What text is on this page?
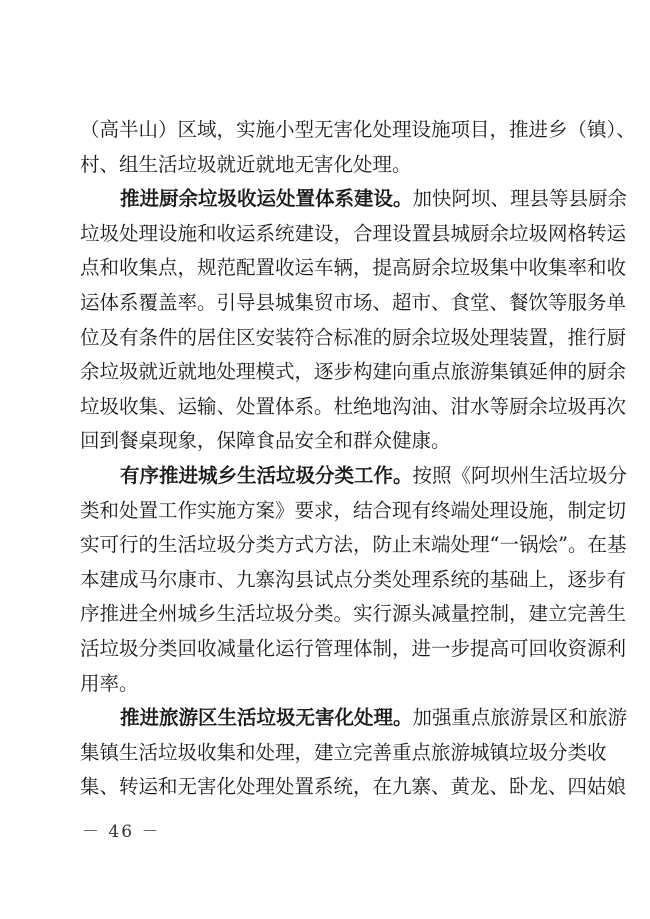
（高半山）区域，实施小型无害化处理设施项目，推进乡（镇）、
村、组生活垃圾就近就地无害化处理。
推进厨余垃圾收运处置体系建设。加快阿坝、理县等县厨余
垃圾处理设施和收运系统建设，合理设置县城厨余垃圾网格转运
点和收集点，规范配置收运车辆，提高厨余垃圾集中收集率和收
运体系覆盖率。引导县城集贸市场、超市、食堂、餐饮等服务单
位及有条件的居住区安装符合标准的厨余垃圾处理装置，推行厨
余垃圾就近就地处理模式，逐步构建向重点旅游集镇延伸的厨余
垃圾收集、运输、处置体系。杜绝地沟油、泔水等厨余垃圾再次
回到餐桌现象，保障食品安全和群众健康。
有序推进城乡生活垃圾分类工作。按照《阿坝州生活垃圾分
类和处置工作实施方案》要求，结合现有终端处理设施，制定切
实可行的生活垃圾分类方式方法，防止末端处理“一锅烩”。在基
本建成马尔康市、九寨沟县试点分类处理系统的基础上，逐步有
序推进全州城乡生活垃圾分类。实行源头减量控制，建立完善生
活垃圾分类回收减量化运行管理体制，进一步提高可回收资源利
用率。
推进旅游区生活垃圾无害化处理。加强重点旅游景区和旅游
集镇生活垃圾收集和处理，建立完善重点旅游城镇垃圾分类收
集、转运和无害化处理处置系统，在九寨、黄龙、卧龙、四姑娘
－ 46 －
